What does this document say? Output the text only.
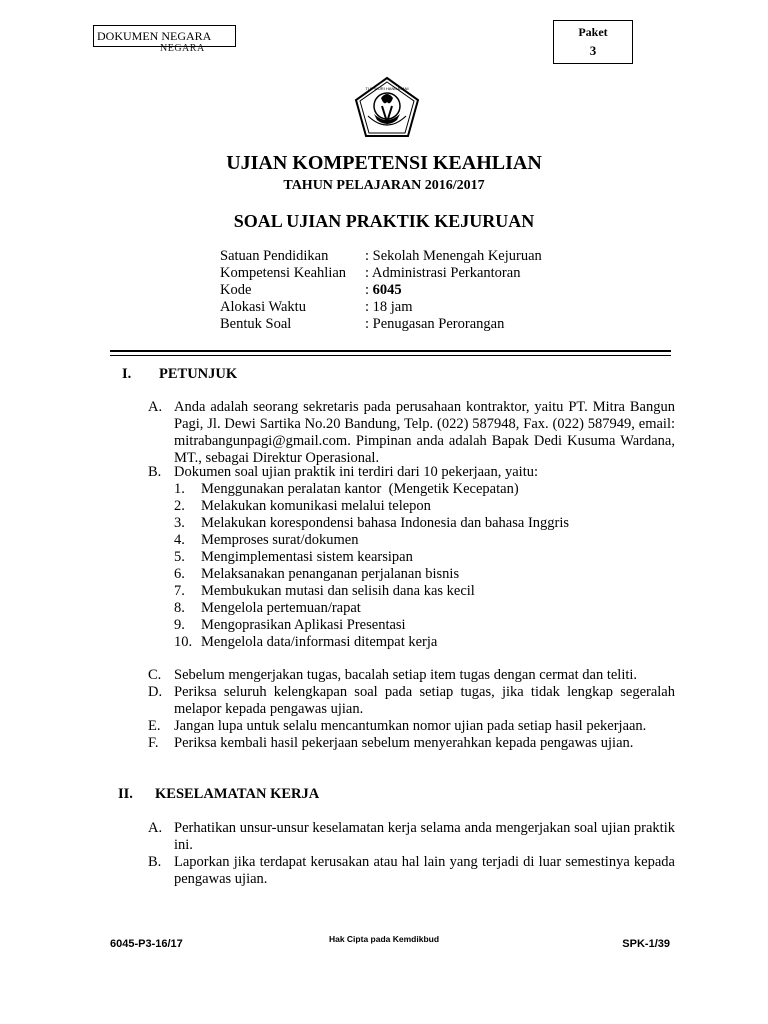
DOKUMEN NEGARA
NEGARA
Paket
3
TUT WURI HANDAYANI
UJIAN KOMPETENSI KEAHLIAN
TAHUN PELAJARAN 2016/2017
SOAL UJIAN PRAKTIK KEJURUAN
Satuan Pendidikan	: Sekolah Menengah Kejuruan
Kompetensi Keahlian : Administrasi Perkantoran
Kode	: 6045
Alokasi Waktu	: 18 jam
Bentuk Soal	: Penugasan Perorangan
I. PETUNJUK
A. Anda adalah seorang sekretaris pada perusahaan kontraktor, yaitu PT. Mitra Bangun Pagi, Jl. Dewi Sartika No.20 Bandung, Telp. (022) 587948, Fax. (022) 587949, email: mitrabangunpagi@gmail.com. Pimpinan anda adalah Bapak Dedi Kusuma Wardana, MT., sebagai Direktur Operasional.
B. Dokumen soal ujian praktik ini terdiri dari 10 pekerjaan, yaitu:
1.	Menggunakan peralatan kantor  (Mengetik Kecepatan)
2.	Melakukan komunikasi melalui telepon
3.	Melakukan korespondensi bahasa Indonesia dan bahasa Inggris
4.	Memproses surat/dokumen
5.	Mengimplementasi sistem kearsipan
6.	Melaksanakan penanganan perjalanan bisnis
7.	Membukukan mutasi dan selisih dana kas kecil
8.	Mengelola pertemuan/rapat
9.	Mengoprasikan Aplikasi Presentasi
10. Mengelola data/informasi ditempat kerja
C. Sebelum mengerjakan tugas, bacalah setiap item tugas dengan cermat dan teliti.
D. Periksa seluruh kelengkapan soal pada setiap tugas, jika tidak lengkap segeralah melapor kepada pengawas ujian.
E. Jangan lupa untuk selalu mencantumkan nomor ujian pada setiap hasil pekerjaan.
F.	Periksa kembali hasil pekerjaan sebelum menyerahkan kepada pengawas ujian.
II. KESELAMATAN KERJA
A. Perhatikan unsur-unsur keselamatan kerja selama anda mengerjakan soal ujian praktik ini.
B. Laporkan jika terdapat kerusakan atau hal lain yang terjadi di luar semestinya kepada pengawas ujian.
6045-P3-16/17	Hak Cipta pada Kemdikbud	SPK-1/39
